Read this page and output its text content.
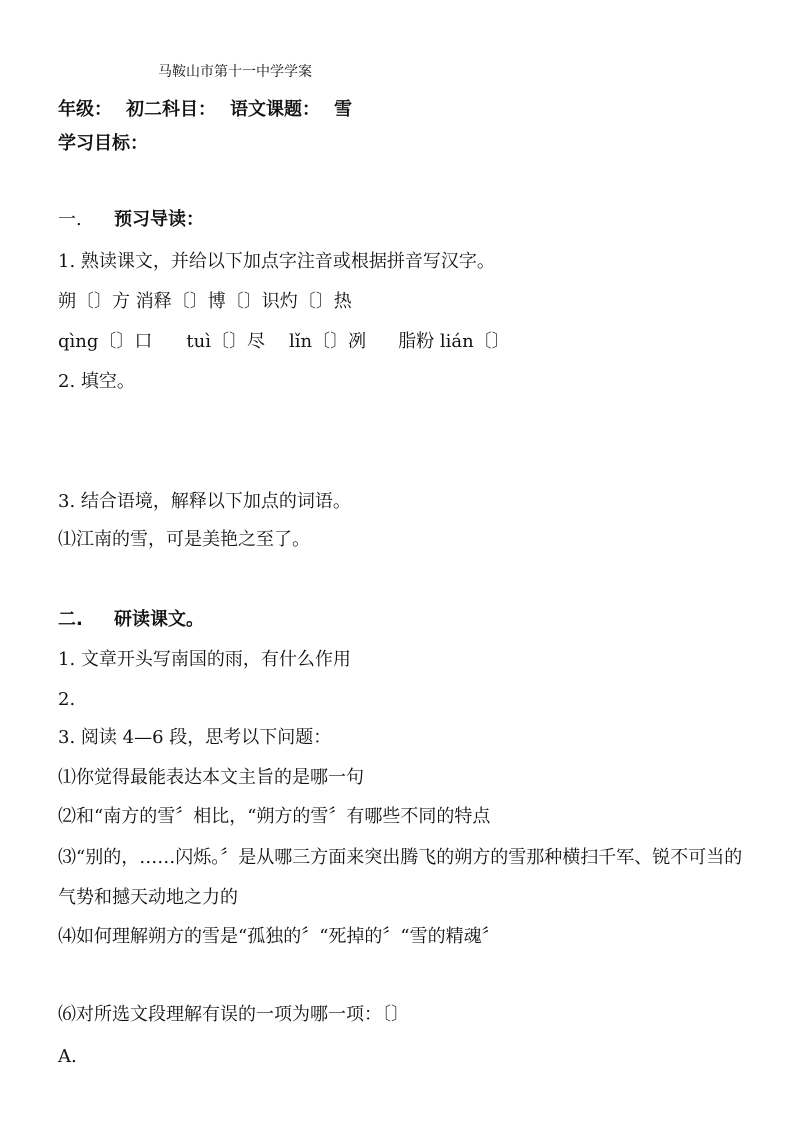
马鞍山市第十一中学学案
年级： 初二科目： 语文课题： 雪
学习目标：
一. 预习导读：
1. 熟读课文，并给以下加点字注音或根据拼音写汉字。
朔〔〕方 消释〔〕博〔〕识灼〔〕热
qìng〔〕口 tuì〔〕尽 lǐn〔〕冽 脂粉 lián〔〕
2. 填空。
3. 结合语境，解释以下加点的词语。
⑴江南的雪，可是美艳之至了。
二. 研读课文。
1. 文章开头写南国的雨，有什么作用
2.
3. 阅读 4—6 段，思考以下问题：
⑴你觉得最能表达本文主旨的是哪一句
⑵和“南方的雪〞相比，“朔方的雪〞有哪些不同的特点
⑶“别的，……闪烁。〞是从哪三方面来突出腾飞的朔方的雪那种横扫千军、锐不可当的气势和撼天动地之力的
⑷如何理解朔方的雪是“孤独的〞“死掉的〞“雪的精魂〞
⑹对所选文段理解有误的一项为哪一项：〔〕
A.
